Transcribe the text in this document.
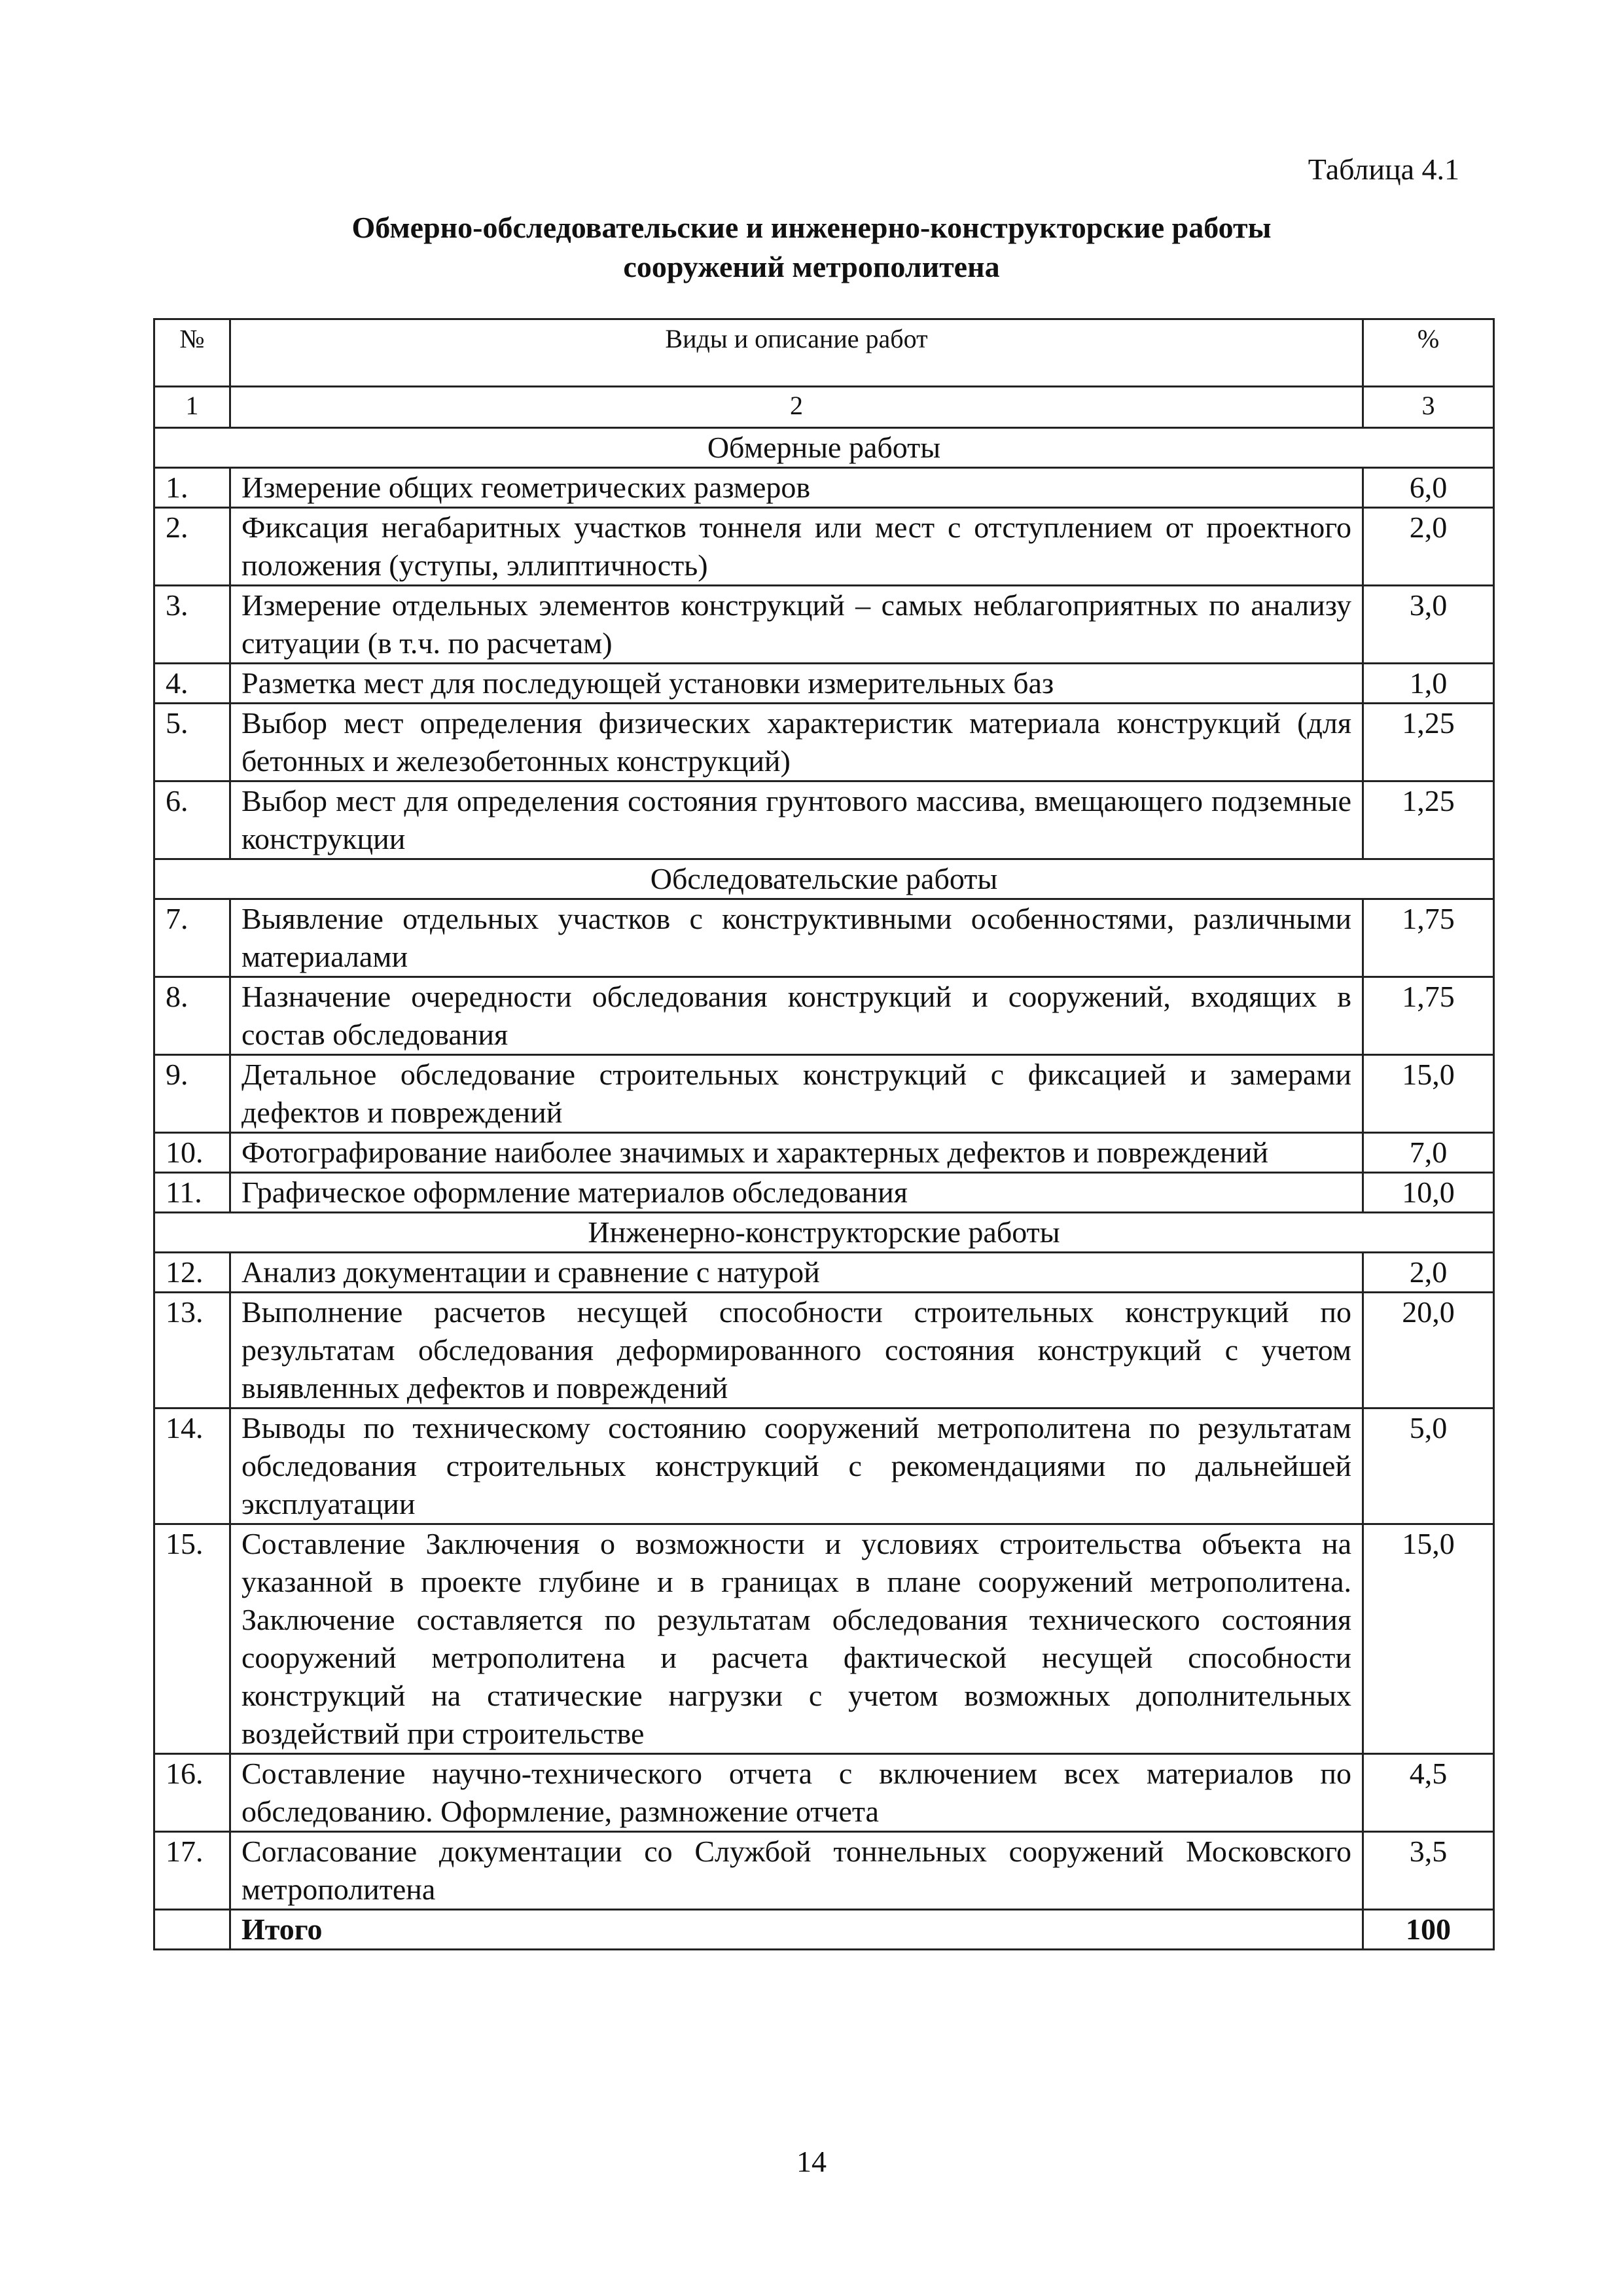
Таблица 4.1
Обмерно-обследовательские и инженерно-конструкторские работы
сооружений метрополитена
№	Виды и описание работ	%
1	2	3
Обмерные работы		
1.	Измерение общих геометрических размеров	6,0
2.	Фиксация негабаритных участков тоннеля или мест с отступлением от проектного положения (уступы, эллиптичность)	2,0
3.	Измерение отдельных элементов конструкций – самых неблагоприятных по анализу ситуации (в т.ч. по расчетам)	3,0
4.	Разметка мест для последующей установки измерительных баз	1,0
5.	Выбор мест определения физических характеристик материала конструкций (для бетонных и железобетонных конструкций)	1,25
6.	Выбор мест для определения состояния грунтового массива, вмещающего подземные конструкции	1,25
Обследовательские работы		
7.	Выявление отдельных участков с конструктивными особенностями, различными материалами	1,75
8.	Назначение очередности обследования конструкций и сооружений, входящих в состав обследования	1,75
9.	Детальное обследование строительных конструкций с фиксацией и замерами дефектов и повреждений	15,0
10.	Фотографирование наиболее значимых и характерных дефектов и повреждений	7,0
11.	Графическое оформление материалов обследования	10,0
Инженерно-конструкторские работы		
12.	Анализ документации и сравнение с натурой	2,0
13.	Выполнение расчетов несущей способности строительных конструкций по результатам обследования деформированного состояния конструкций с учетом выявленных дефектов и повреждений	20,0
14.	Выводы по техническому состоянию сооружений метрополитена по результатам обследования строительных конструкций с рекомендациями по дальнейшей эксплуатации	5,0
15.	Составление Заключения о возможности и условиях строительства объекта на указанной в проекте глубине и в границах в плане сооружений метрополитена. Заключение составляется по результатам обследования технического состояния сооружений метрополитена и расчета фактической несущей способности конструкций на статические нагрузки с учетом возможных дополнительных воздействий при строительстве	15,0
16.	Составление научно-технического отчета с включением всех материалов по обследованию. Оформление, размножение отчета	4,5
17.	Согласование документации со Службой тоннельных сооружений Московского метрополитена	3,5
	Итого	100
14
